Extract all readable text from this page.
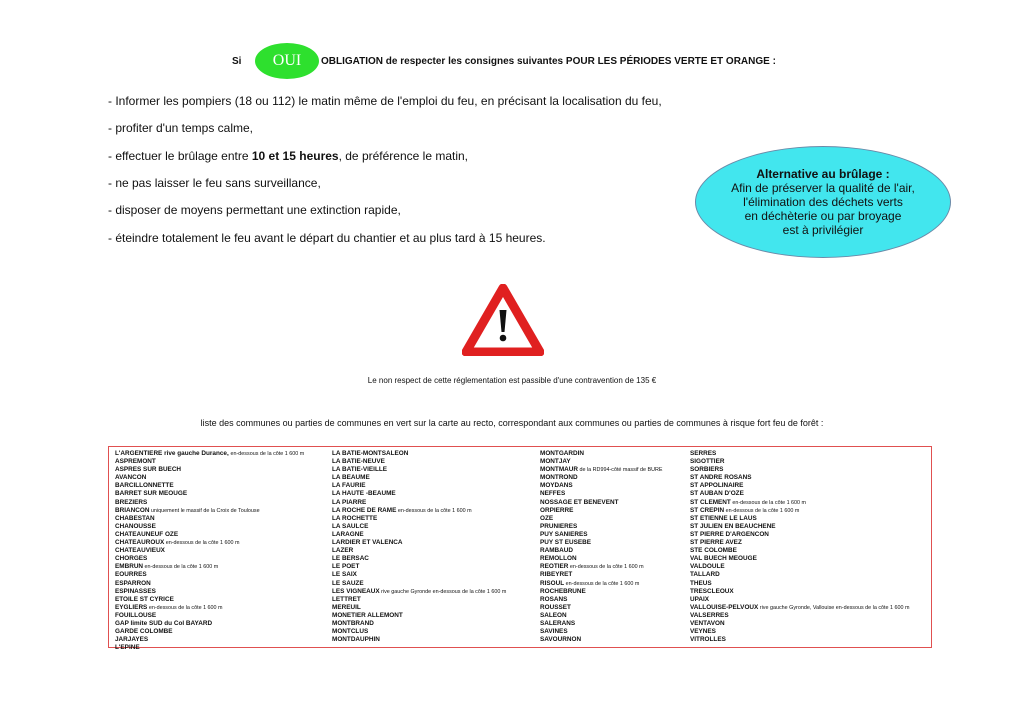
Si OUI OBLIGATION de respecter les consignes suivantes POUR LES PÉRIODES VERTE ET ORANGE :
- Informer les pompiers (18 ou 112) le matin même de l'emploi du feu, en précisant la localisation du feu,
- profiter d'un temps calme,
- effectuer le brûlage entre 10 et 15 heures, de préférence le matin,
- ne pas laisser le feu sans surveillance,
- disposer de moyens permettant une extinction rapide,
- éteindre totalement le feu avant le départ du chantier et au plus tard à 15 heures.
Alternative au brûlage :
Afin de préserver la qualité de l'air,
l'élimination des déchets verts
en déchèterie ou par broyage
est à privilégier
Le non respect de cette réglementation est passible d'une contravention de 135 €
liste des communes ou parties de communes en vert sur la carte au recto, correspondant aux communes ou parties de communes à risque fort feu de forêt :
L'ARGENTIERE rive gauche Durance, en-dessous de la côte 1 600 m
ASPREMONT
ASPRES SUR BUECH
AVANCON
BARCILLONNETTE
BARRET SUR MEOUGE
BREZIERS
BRIANCON uniquement le massif de la Croix de Toulouse
CHABESTAN
CHANOUSSE
CHATEAUNEUF OZE
CHATEAUROUX en-dessous de la côte 1 600 m
CHATEAUVIEUX
CHORGES
EMBRUN en-dessous de la côte 1 600 m
EOURRES
ESPARRON
ESPINASSES
ETOILE ST CYRICE
EYGLIERS en-dessous de la côte 1 600 m
FOUILLOUSE
GAP limite SUD du Col BAYARD
GARDE COLOMBE
JARJAYES
L'EPINE
LA BATIE-MONTSALEON
LA BATIE-NEUVE
LA BATIE-VIEILLE
LA BEAUME
LA FAURIE
LA HAUTE -BEAUME
LA PIARRE
LA ROCHE DE RAME en-dessous de la côte 1 600 m
LA ROCHETTE
LA SAULCE
LARAGNE
LARDIER ET VALENCA
LAZER
LE BERSAC
LE POET
LE SAIX
LE SAUZE
LES VIGNEAUX rive gauche Gyronde en-dessous de la côte 1 600 m
LETTRET
MEREUIL
MONETIER ALLEMONT
MONTBRAND
MONTCLUS
MONTDAUPHIN
MONTGARDIN
MONTJAY
MONTMAUR de la RD994-côté massif de BURE
MONTROND
MOYDANS
NEFFES
NOSSAGE ET BENEVENT
ORPIERRE
OZE
PRUNIERES
PUY SANIERES
PUY ST EUSEBE
RAMBAUD
REMOLLON
REOTIER en-dessous de la côte 1 600 m
RIBEYRET
RISOUL en-dessous de la côte 1 600 m
ROCHEBRUNE
ROSANS
ROUSSET
SALEON
SALERANS
SAVINES
SAVOURNON
SERRES
SIGOTTIER
SORBIERS
ST ANDRE ROSANS
ST APPOLINAIRE
ST AUBAN D'OZE
ST CLEMENT en-dessous de la côte 1 600 m
ST CREPIN en-dessous de la côte 1 600 m
ST ETIENNE LE LAUS
ST JULIEN EN BEAUCHENE
ST PIERRE D'ARGENCON
ST PIERRE AVEZ
STE COLOMBE
VAL BUECH MEOUGE
VALDOULE
TALLARD
THEUS
TRESCLEOUX
UPAIX
VALLOUISE-PELVOUX rive gauche Gyronde, Vallouise en-dessous de la côte 1 600 m
VALSERRES
VENTAVON
VEYNES
VITROLLES
